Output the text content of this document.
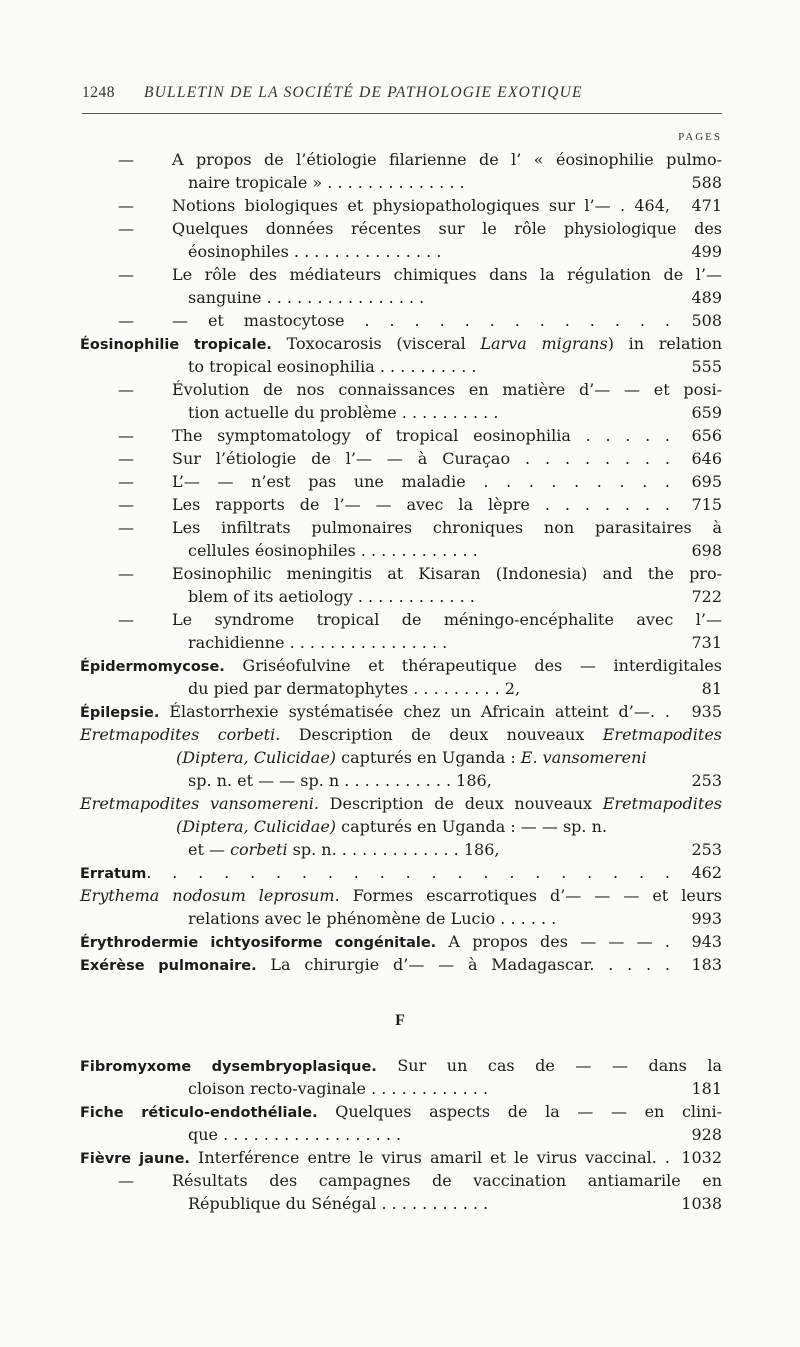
1248 BULLETIN DE LA SOCIÉTÉ DE PATHOLOGIE EXOTIQUE
PAGES
—	A propos de l’étiologie filarienne de l’ « éosinophilie pulmo-
naire tropicale » . . . . . . . . . . . . . .	588
—	Notions biologiques et physiopathologiques sur l’— . 464,	471
—	Quelques données récentes sur le rôle physiologique des
éosinophiles . . . . . . . . . . . . . . .	499
—	Le rôle des médiateurs chimiques dans la régulation de l’—
sanguine . . . . . . . . . . . . . . . .	489
—	— et mastocytose . . . . . . . . . . . . .	508
Éosinophilie tropicale. Toxocarosis (visceral Larva migrans) in relation
to tropical eosinophilia . . . . . . . . . .	555
—	Évolution de nos connaissances en matière d’— — et posi-
tion actuelle du problème . . . . . . . . . .	659
—	The symptomatology of tropical eosinophilia . . . . .	656
—	Sur l’étiologie de l’— — à Curaçao . . . . . . . .	646
—	L’— — n’est pas une maladie . . . . . . . . .	695
—	Les rapports de l’— — avec la lèpre . . . . . . .	715
—	Les infiltrats pulmonaires chroniques non parasitaires à
cellules éosinophiles . . . . . . . . . . . .	698
—	Eosinophilic meningitis at Kisaran (Indonesia) and the pro-
blem of its aetiology . . . . . . . . . . . .	722
—	Le syndrome tropical de méningo-encéphalite avec l’—
rachidienne . . . . . . . . . . . . . . . .	731
Épidermomycose. Griséofulvine et thérapeutique des — interdigitales
du pied par dermatophytes . . . . . . . . . 2,	81
Épilepsie. Élastorrhexie systématisée chez un Africain atteint d’—. .	935
Eretmapodites corbeti. Description de deux nouveaux Eretmapodites
(Diptera, Culicidae) capturés en Uganda : E. vansomereni
sp. n. et — — sp. n . . . . . . . . . . . 186,	253
Eretmapodites vansomereni. Description de deux nouveaux Eretmapodites
(Diptera, Culicidae) capturés en Uganda : — — sp. n.
et — corbeti sp. n. . . . . . . . . . . . . 186,	253
Erratum. . . . . . . . . . . . . . . . . . . . .	462
Erythema nodosum leprosum. Formes escarrotiques d’— — — et leurs
relations avec le phénomène de Lucio . . . . . .	993
Érythrodermie ichtyosiforme congénitale. A propos des — — — .	943
Exérèse pulmonaire. La chirurgie d’— — à Madagascar. . . . .	183
F
Fibromyxome dysembryoplasique. Sur un cas de — — dans la
cloison recto-vaginale . . . . . . . . . . . .	181
Fiche réticulo-endothéliale. Quelques aspects de la — — en clini-
que . . . . . . . . . . . . . . . . . .	928
Fièvre jaune. Interférence entre le virus amaril et le virus vaccinal. . 1032
—	Résultats des campagnes de vaccination antiamarile en
République du Sénégal . . . . . . . . . . .	1038
